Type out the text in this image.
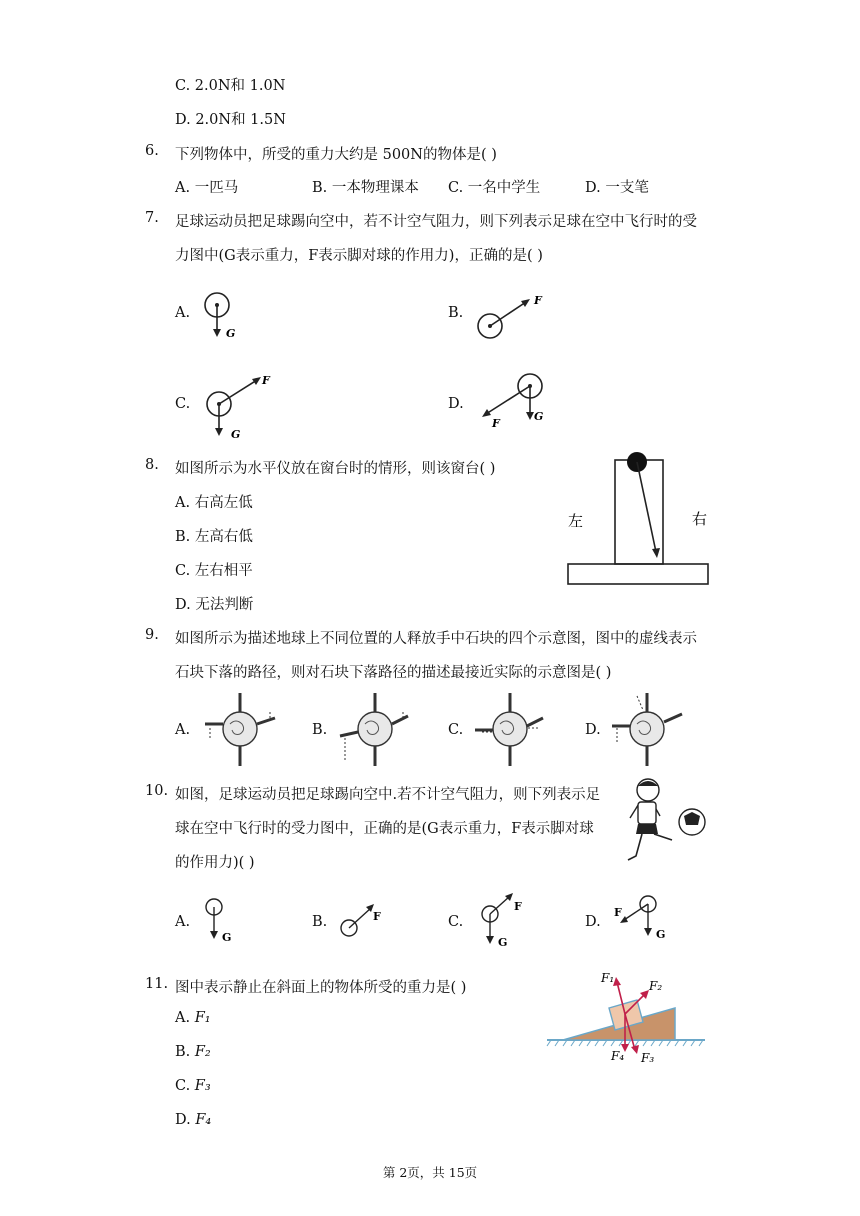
C. 2.0N和 1.0N
D. 2.0N和 1.5N
6. 下列物体中，所受的重力大约是 500N的物体是( )
A. 一匹马	B. 一本物理课本 C. 一名中学生	D. 一支笔
7. 足球运动员把足球踢向空中，若不计空气阻力，则下列表示足球在空中飞行时的受
力图中(G表示重力，F表示脚对球的作用力)，正确的是( )
A.
G
B.
F
C.
F
G
D.
F
G
8. 如图所示为水平仪放在窗台时的情形，则该窗台( )
A. 右高左低
B. 左高右低
C. 左右相平
D. 无法判断
左	右
9. 如图所示为描述地球上不同位置的人释放手中石块的四个示意图，图中的虚线表示
石块下落的路径，则对石块下落路径的描述最接近实际的示意图是( )
A.	B.	C.	D.
10. 如图，足球运动员把足球踢向空中.若不计空气阻力，则下列表示足
球在空中飞行时的受力图中，正确的是(G表示重力，F表示脚对球
的作用力)( )
A.
G
B.	F	C.
F
G
D.
F
G
11. 图中表示静止在斜面上的物体所受的重力是( )
A. F₁
B. F₂
C. F₃
D. F₄
F₁
F₂
F₄ F₃
第 2页，共 15页
